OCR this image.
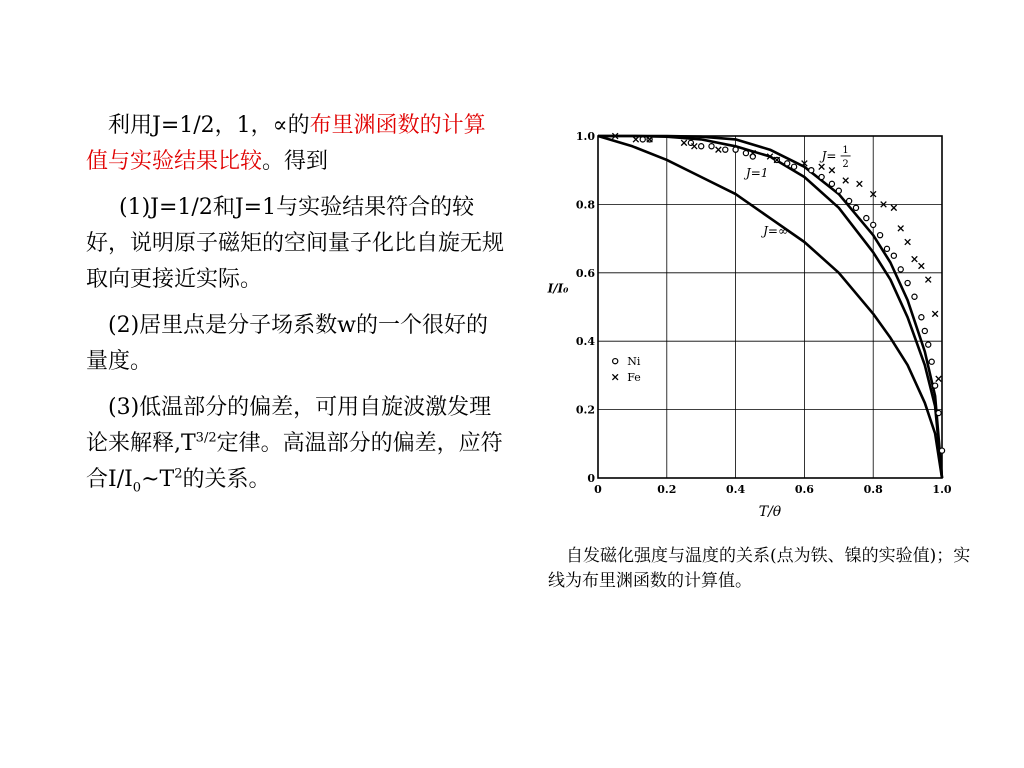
 利用J=1/2，1，∝的布里渊函数的计算值与实验结果比较。得到

  (1)J=1/2和J=1与实验结果符合的较好，说明原子磁矩的空间量子化比自旋无规取向更接近实际。

 (2)居里点是分子场系数w的一个很好的量度。

 (3)低温部分的偏差，可用自旋波激发理论来解释$,T^{3/2}$定律。高温部分的偏差，应符合$I/I_0\sim T^2$的关系。	0	0.2	0.4	0.6	0.8	1.0
0
0.2
0.4
0.6
0.8
1.0
J= 1
2
J=1
J=∞
Ni
Fe
T/θ
I/I₀
自发磁化强度与温度的关系(点为铁、镍的实验值)；实线为布里渊函数的计算值。
